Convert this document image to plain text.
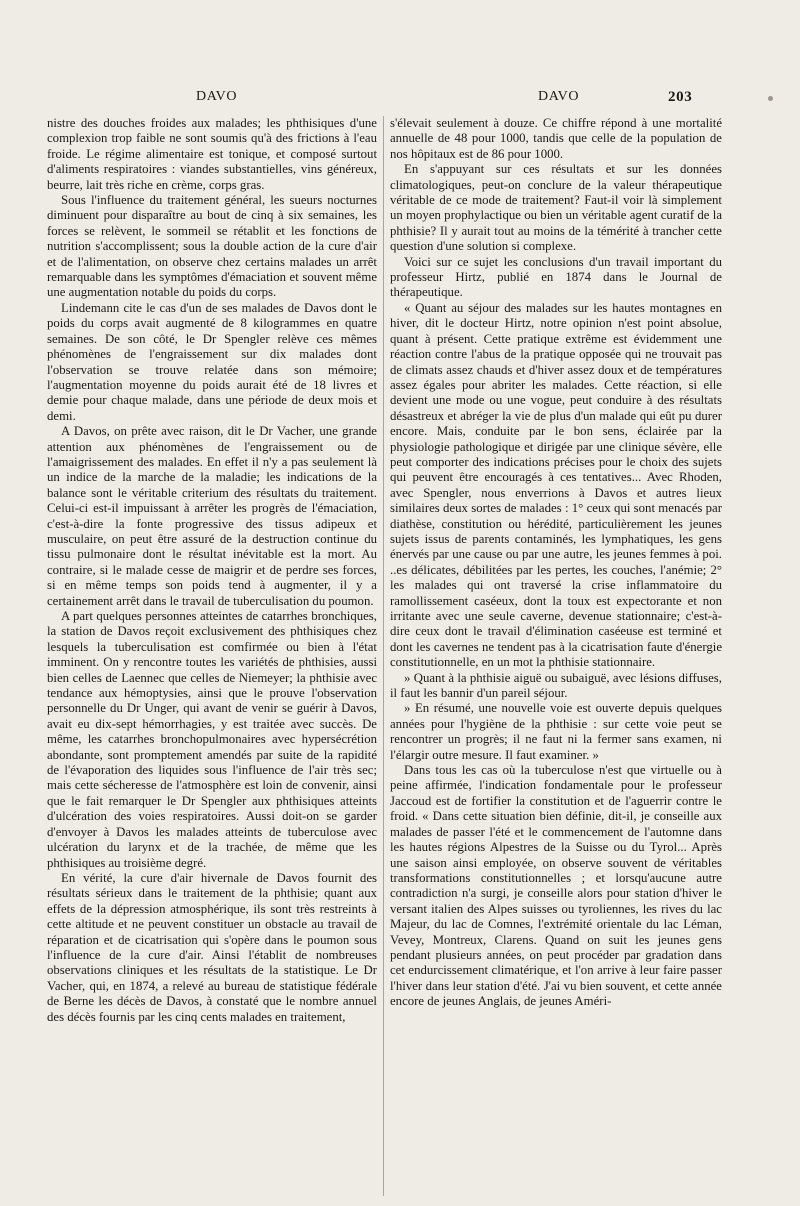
DAVO	DAVO	203

nistre des douches froides aux malades; les phthisiques d'une complexion trop faible ne sont soumis qu'à des frictions à l'eau froide. Le régime alimentaire est tonique, et composé surtout d'aliments respiratoires : viandes substantielles, vins généreux, beurre, lait très riche en crème, corps gras.

Sous l'influence du traitement général, les sueurs nocturnes diminuent pour disparaître au bout de cinq à six semaines, les forces se relèvent, le sommeil se rétablit et les fonctions de nutrition s'accomplissent; sous la double action de la cure d'air et de l'alimentation, on observe chez certains malades un arrêt remarquable dans les symptômes d'émaciation et souvent même une augmentation notable du poids du corps.

Lindemann cite le cas d'un de ses malades de Davos dont le poids du corps avait augmenté de 8 kilogrammes en quatre semaines. De son côté, le Dr Spengler relève ces mêmes phénomènes de l'engraissement sur dix malades dont l'observation se trouve relatée dans son mémoire; l'augmentation moyenne du poids aurait été de 18 livres et demie pour chaque malade, dans une période de deux mois et demi.

A Davos, on prête avec raison, dit le Dr Vacher, une grande attention aux phénomènes de l'engraissement ou de l'amaigrissement des malades. En effet il n'y a pas seulement là un indice de la marche de la maladie; les indications de la balance sont le véritable criterium des résultats du traitement. Celui-ci est-il impuissant à arrêter les progrès de l'émaciation, c'est-à-dire la fonte progressive des tissus adipeux et musculaire, on peut être assuré de la destruction continue du tissu pulmonaire dont le résultat inévitable est la mort. Au contraire, si le malade cesse de maigrir et de perdre ses forces, si en même temps son poids tend à augmenter, il y a certainement arrêt dans le travail de tuberculisation du poumon.

A part quelques personnes atteintes de catarrhes bronchiques, la station de Davos reçoit exclusivement des phthisiques chez lesquels la tuberculisation est comfirmée ou bien à l'état imminent. On y rencontre toutes les variétés de phthisies, aussi bien celles de Laennec que celles de Niemeyer; la phthisie avec tendance aux hémoptysies, ainsi que le prouve l'observation personnelle du Dr Unger, qui avant de venir se guérir à Davos, avait eu dix-sept hémorrhagies, y est traitée avec succès. De même, les catarrhes bronchopulmonaires avec hypersécrétion abondante, sont promptement amendés par suite de la rapidité de l'évaporation des liquides sous l'influence de l'air très sec; mais cette sécheresse de l'atmosphère est loin de convenir, ainsi que le fait remarquer le Dr Spengler aux phthisiques atteints d'ulcération des voies respiratoires. Aussi doit-on se garder d'envoyer à Davos les malades atteints de tuberculose avec ulcération du larynx et de la trachée, de même que les phthisiques au troisième degré.

En vérité, la cure d'air hivernale de Davos fournit des résultats sérieux dans le traitement de la phthisie; quant aux effets de la dépression atmosphérique, ils sont très restreints à cette altitude et ne peuvent constituer un obstacle au travail de réparation et de cicatrisation qui s'opère dans le poumon sous l'influence de la cure d'air. Ainsi l'établit de nombreuses observations cliniques et les résultats de la statistique. Le Dr Vacher, qui, en 1874, a relevé au bureau de statistique fédérale de Berne les décès de Davos, à constaté que le nombre annuel des décès fournis par les cinq cents malades en traitement,

s'élevait seulement à douze. Ce chiffre répond à une mortalité annuelle de 48 pour 1000, tandis que celle de la population de nos hôpitaux est de 86 pour 1000.

En s'appuyant sur ces résultats et sur les données climatologiques, peut-on conclure de la valeur thérapeutique véritable de ce mode de traitement? Faut-il voir là simplement un moyen prophylactique ou bien un véritable agent curatif de la phthisie? Il y aurait tout au moins de la témérité à trancher cette question d'une solution si complexe.

Voici sur ce sujet les conclusions d'un travail important du professeur Hirtz, publié en 1874 dans le Journal de thérapeutique.

« Quant au séjour des malades sur les hautes montagnes en hiver, dit le docteur Hirtz, notre opinion n'est point absolue, quant à présent. Cette pratique extrême est évidemment une réaction contre l'abus de la pratique opposée qui ne trouvait pas de climats assez chauds et d'hiver assez doux et de températures assez égales pour abriter les malades. Cette réaction, si elle devient une mode ou une vogue, peut conduire à des résultats désastreux et abréger la vie de plus d'un malade qui eût pu durer encore. Mais, conduite par le bon sens, éclairée par la physiologie pathologique et dirigée par une clinique sévère, elle peut comporter des indications précises pour le choix des sujets qui peuvent être encouragés à ces tentatives... Avec Rhoden, avec Spengler, nous enverrions à Davos et autres lieux similaires deux sortes de malades : 1° ceux qui sont menacés par diathèse, constitution ou hérédité, particulièrement les jeunes sujets issus de parents contaminés, les lymphatiques, les gens énervés par une cause ou par une autre, les jeunes femmes à poi. ..es délicates, débilitées par les pertes, les couches, l'anémie; 2° les malades qui ont traversé la crise inflammatoire du ramollissement caséeux, dont la toux est expectorante et non irritante avec une seule caverne, devenue stationnaire; c'est-à-dire ceux dont le travail d'élimination caséeuse est terminé et dont les cavernes ne tendent pas à la cicatrisation faute d'énergie constitutionnelle, en un mot la phthisie stationnaire.

» Quant à la phthisie aiguë ou subaiguë, avec lésions diffuses, il faut les bannir d'un pareil séjour.

» En résumé, une nouvelle voie est ouverte depuis quelques années pour l'hygiène de la phthisie : sur cette voie peut se rencontrer un progrès; il ne faut ni la fermer sans examen, ni l'élargir outre mesure. Il faut examiner. »

Dans tous les cas où la tuberculose n'est que virtuelle ou à peine affirmée, l'indication fondamentale pour le professeur Jaccoud est de fortifier la constitution et de l'aguerrir contre le froid. « Dans cette situation bien définie, dit-il, je conseille aux malades de passer l'été et le commencement de l'automne dans les hautes régions Alpestres de la Suisse ou du Tyrol... Après une saison ainsi employée, on observe souvent de véritables transformations constitutionnelles ; et lorsqu'aucune autre contradiction n'a surgi, je conseille alors pour station d'hiver le versant italien des Alpes suisses ou tyroliennes, les rives du lac Majeur, du lac de Comnes, l'extrémité orientale du lac Léman, Vevey, Montreux, Clarens. Quand on suit les jeunes gens pendant plusieurs années, on peut procéder par gradation dans cet endurcissement climatérique, et l'on arrive à leur faire passer l'hiver dans leur station d'été. J'ai vu bien souvent, et cette année encore de jeunes Anglais, de jeunes Améri-
